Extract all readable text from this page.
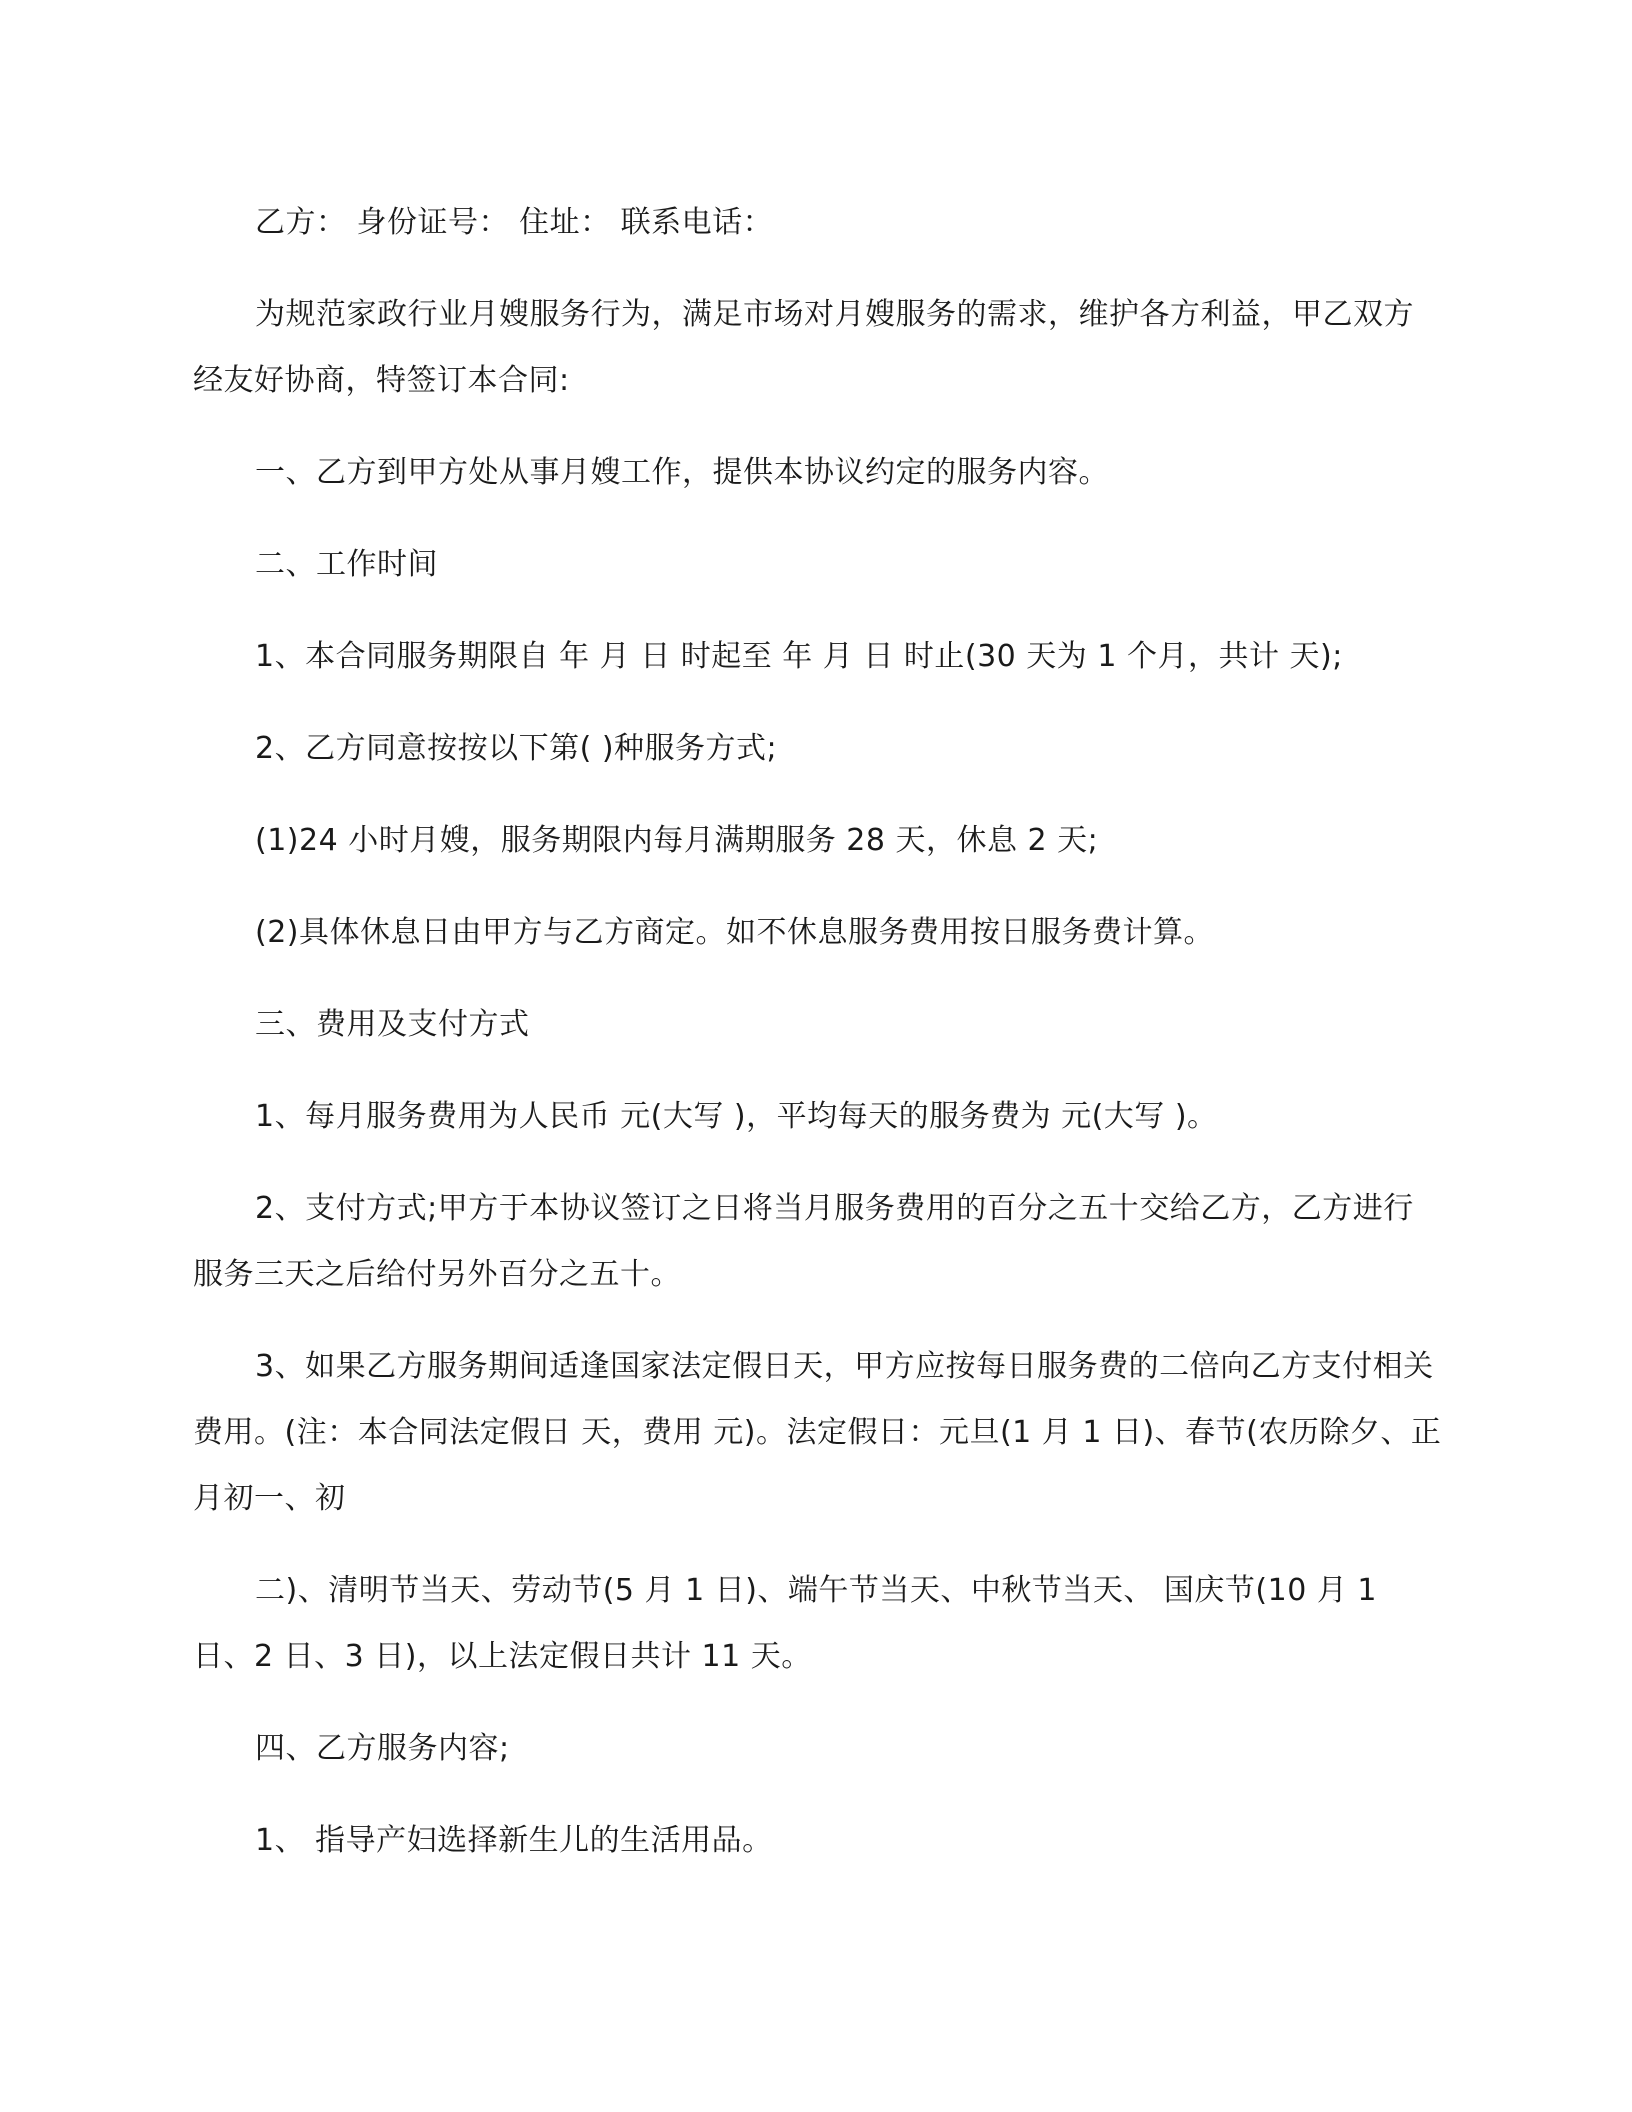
乙方： 身份证号： 住址： 联系电话：

为规范家政行业月嫂服务行为，满足市场对月嫂服务的需求，维护各方利益，甲乙双方经友好协商，特签订本合同:

一、乙方到甲方处从事月嫂工作，提供本协议约定的服务内容。

二、工作时间

1、本合同服务期限自 年 月 日 时起至 年 月 日 时止(30 天为 1 个月，共计 天);

2、乙方同意按按以下第( )种服务方式;

(1)24 小时月嫂，服务期限内每月满期服务 28 天，休息 2 天;

(2)具体休息日由甲方与乙方商定。如不休息服务费用按日服务费计算。

三、费用及支付方式

1、每月服务费用为人民币 元(大写 )，平均每天的服务费为 元(大写 )。

2、支付方式;甲方于本协议签订之日将当月服务费用的百分之五十交给乙方，乙方进行服务三天之后给付另外百分之五十。

3、如果乙方服务期间适逢国家法定假日天，甲方应按每日服务费的二倍向乙方支付相关费用。(注：本合同法定假日 天，费用 元)。法定假日：元旦(1 月 1 日)、春节(农历除夕、正月初一、初

二)、清明节当天、劳动节(5 月 1 日)、端午节当天、中秋节当天、 国庆节(10 月 1 日、2 日、3 日)，以上法定假日共计 11 天。

四、乙方服务内容;

1、 指导产妇选择新生儿的生活用品。
